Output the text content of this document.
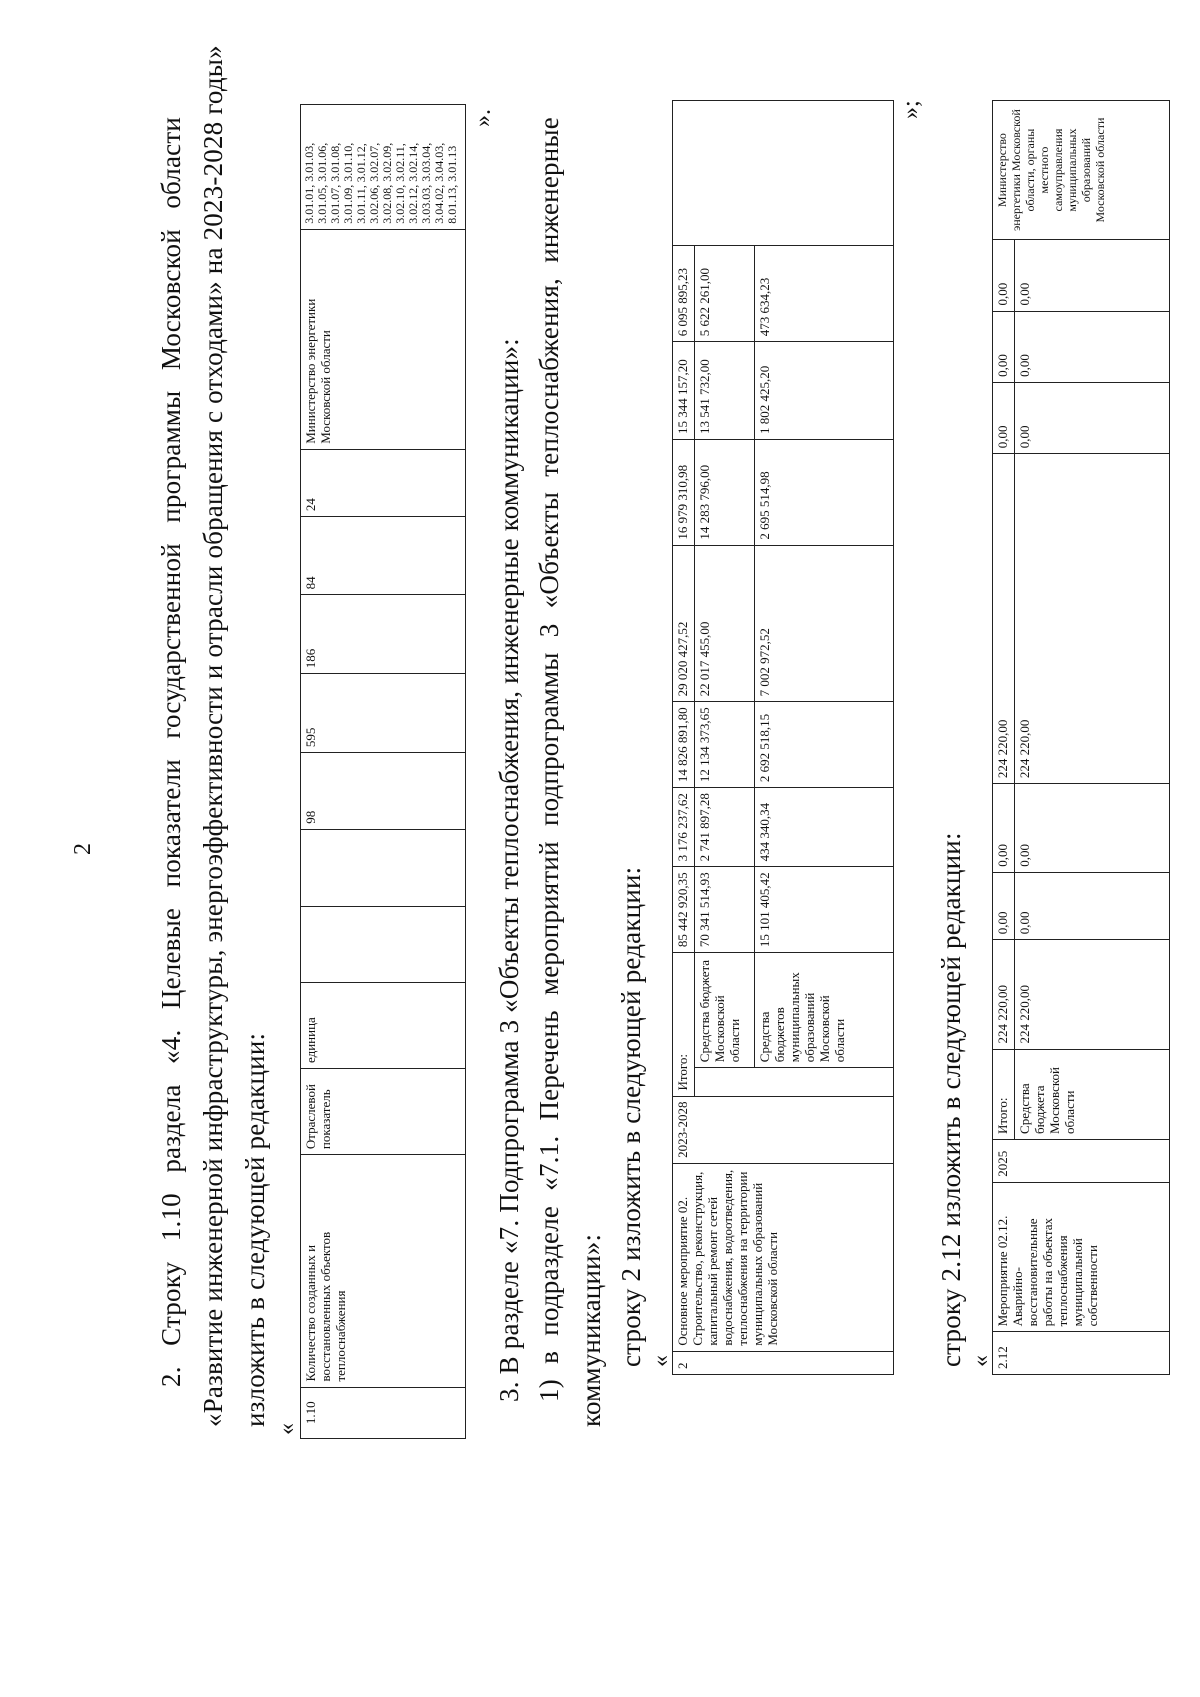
2
2.
Строку
1.10
раздела
«4.
Целевые
показатели
государственной
программы
Московской
области «Развитие инженерной инфраструктуры, энергоэффективности и отрасли обращения с отходами» на 2023-2028 годы» изложить в следующей редакции:
«
1.10	Количество созданных и восстановленных объектов теплоснабжения	Отраслевой показатель	единица			98	595	186	84	24	Министерство энергетики Московской области	3.01.01, 3.01.03, 3.01.05, 3.01.06, 3.01.07, 3.01.08, 3.01.09, 3.01.10, 3.01.11, 3.01.12, 3.02.06, 3.02.07, 3.02.08, 3.02.09, 3.02.10, 3.02.11, 3.02.12, 3.02.14, 3.03.03, 3.03.04, 3.04.02, 3.04.03, 8.01.13, 3.01.13
».
3. В разделе «7. Подпрограмма 3 «Объекты теплоснабжения, инженерные коммуникации»: 1)
в
подразделе
«7.1.
Перечень
мероприятий
подпрограммы
3
«Объекты
теплоснабжения,
инженерные
коммуникации»: строку 2 изложить в следующей редакции: « 2	Основное мероприятие 02. Строительство, реконструкция, капитальный ремонт сетей водоснабжения, водоотведения, теплоснабжения на территории муниципальных образований Московской области	2023-2028	Итого:		85 442 920,35	3 176 237,62	14 826 891,80	29 020 427,52	16 979 310,98	15 344 157,20	6 095 895,23	
				Средства бюджета Московской области	70 341 514,93	2 741 897,28	12 134 373,65	22 017 455,00	14 283 796,00	13 541 732,00	5 622 261,00	
				Средства бюджетов муниципальных образований Московской области	15 101 405,42	434 340,34	2 692 518,15	7 002 972,52	2 695 514,98	1 802 425,20	473 634,23	
»;
строку 2.12 изложить в следующей редакции: « 2.12	Мероприятие 02.12. Аварийно-восстановительные работы на объектах теплоснабжения муниципальной собственности	2025	Итого:	224 220,00	0,00	0,00	224 220,00	0,00	0,00	0,00	Министерство энергетики Московской области, органы местного самоуправления муниципальных образований Московской области
			Средства бюджета Московской области	224 220,00	0,00	0,00	224 220,00	0,00	0,00	0,00	
